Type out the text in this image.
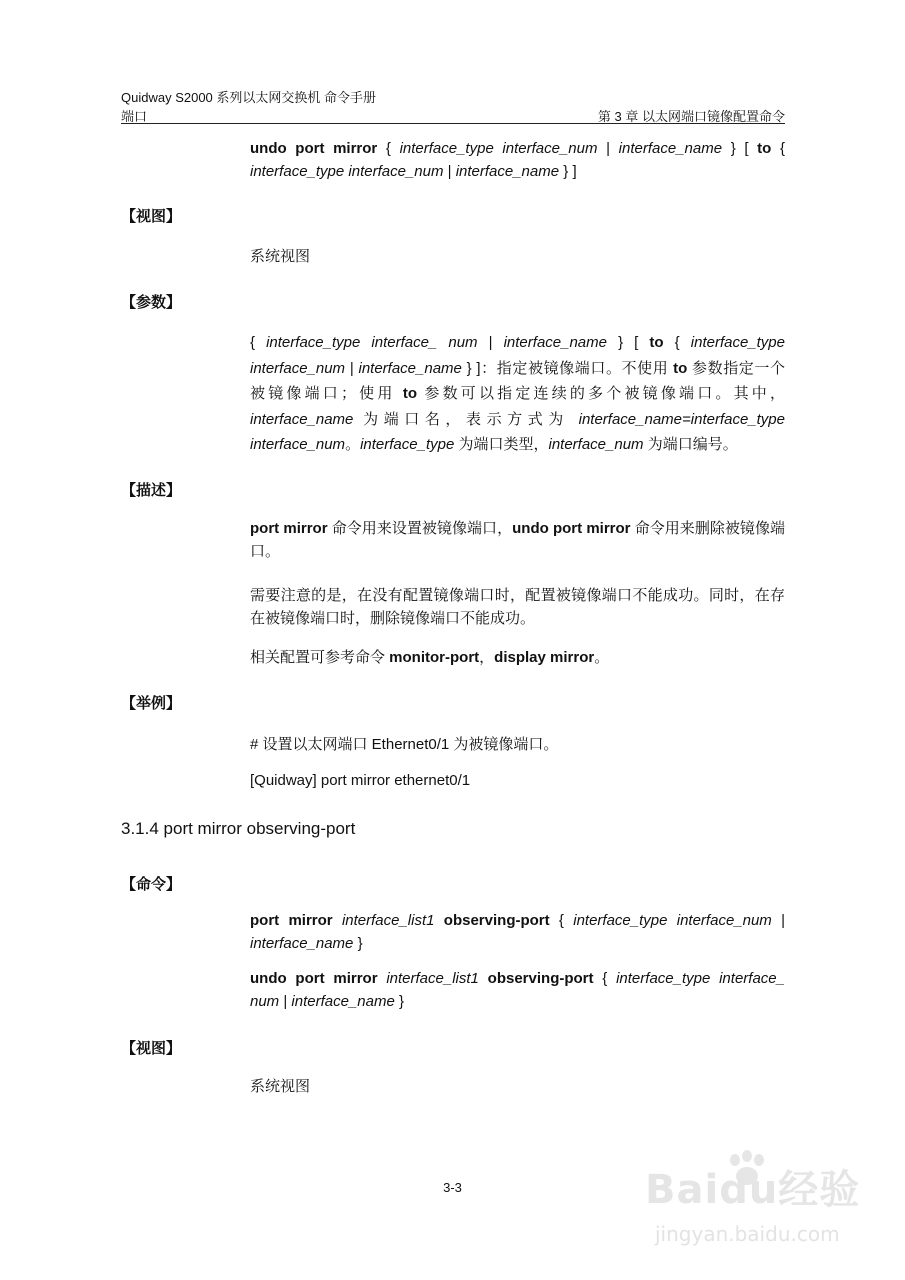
Quidway S2000 系列以太网交换机 命令手册
端口	第 3 章 以太网端口镜像配置命令
undo port mirror { interface_type interface_num | interface_name } [ to { interface_type interface_num | interface_name } ]
【视图】
系统视图
【参数】
{ interface_type interface_ num | interface_name } [ to { interface_type interface_num | interface_name } ]：指定被镜像端口。不使用 to 参数指定一个被镜像端口；使用 to 参数可以指定连续的多个被镜像端口。其中，interface_name 为端口名，表示方式为 interface_name=interface_type interface_num。interface_type 为端口类型，interface_num 为端口编号。
【描述】
port mirror 命令用来设置被镜像端口，undo port mirror 命令用来删除被镜像端口。
需要注意的是，在没有配置镜像端口时，配置被镜像端口不能成功。同时，在存在被镜像端口时，删除镜像端口不能成功。
相关配置可参考命令 monitor-port，display mirror。
【举例】
# 设置以太网端口 Ethernet0/1 为被镜像端口。
[Quidway] port mirror ethernet0/1
3.1.4 port mirror observing-port
【命令】
port mirror interface_list1 observing-port { interface_type interface_num | interface_name }
undo port mirror interface_list1 observing-port { interface_type interface_ num | interface_name }
【视图】
系统视图
3-3	Baidu经验
jingyan.baidu.com
